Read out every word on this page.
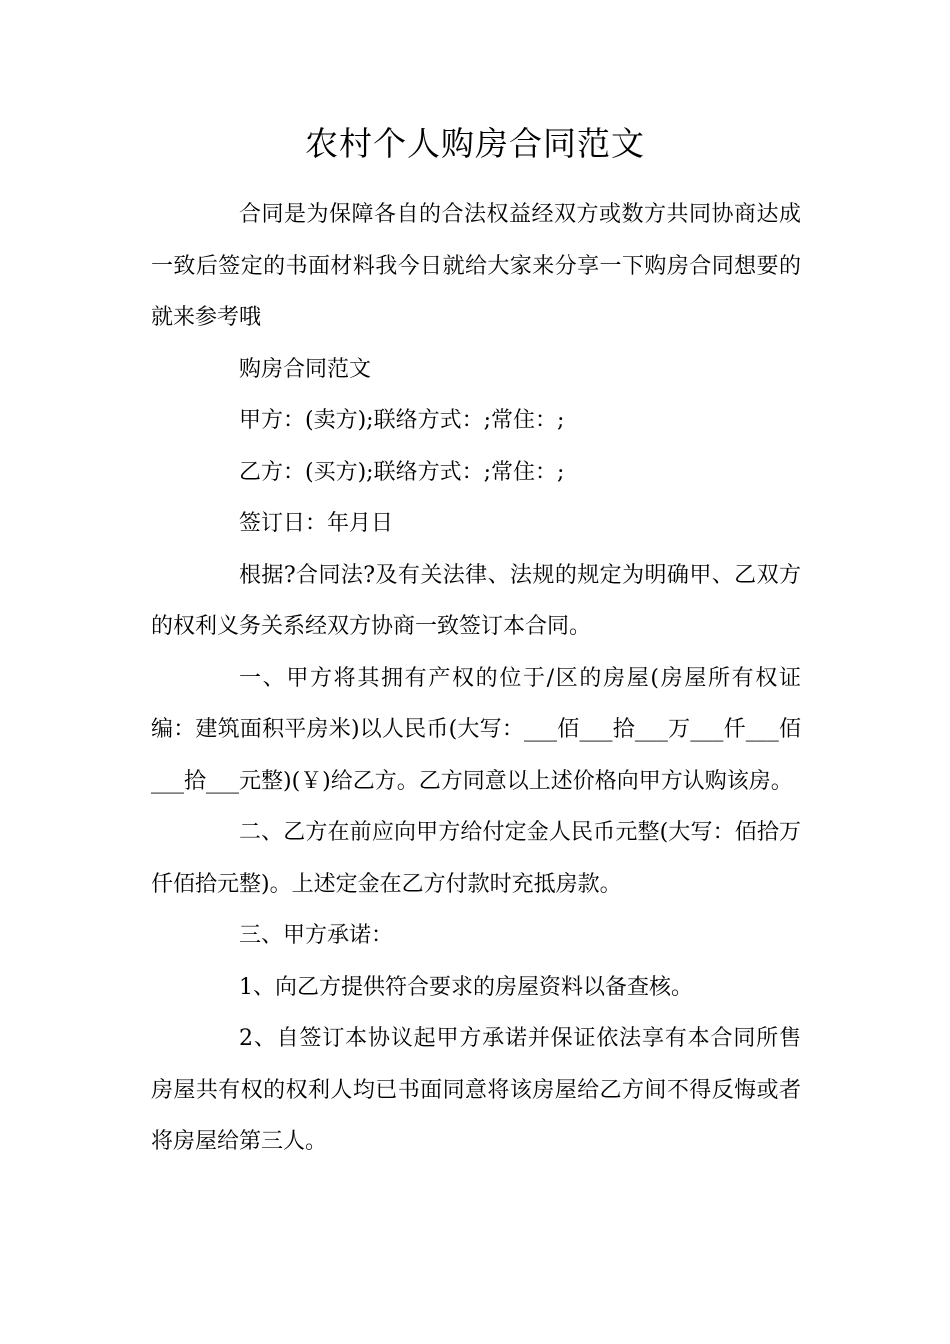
农村个人购房合同范文

合同是为保障各自的合法权益经双方或数方共同协商达成一致后签定的书面材料我今日就给大家来分享一下购房合同想要的就来参考哦

购房合同范文

甲方：(卖方);联络方式：;常住：;

乙方：(买方);联络方式：;常住：;

签订日：年月日

根据?合同法?及有关法律、法规的规定为明确甲、乙双方的权利义务关系经双方协商一致签订本合同。

一、甲方将其拥有产权的位于/区的房屋(房屋所有权证编：建筑面积平房米)以人民币(大写：___佰___拾___万___仟___佰___拾___元整)(￥)给乙方。乙方同意以上述价格向甲方认购该房。

二、乙方在前应向甲方给付定金人民币元整(大写：佰拾万仟佰拾元整)。上述定金在乙方付款时充抵房款。

三、甲方承诺：

1、向乙方提供符合要求的房屋资料以备查核。

2、自签订本协议起甲方承诺并保证依法享有本合同所售房屋共有权的权利人均已书面同意将该房屋给乙方间不得反悔或者将房屋给第三人。
